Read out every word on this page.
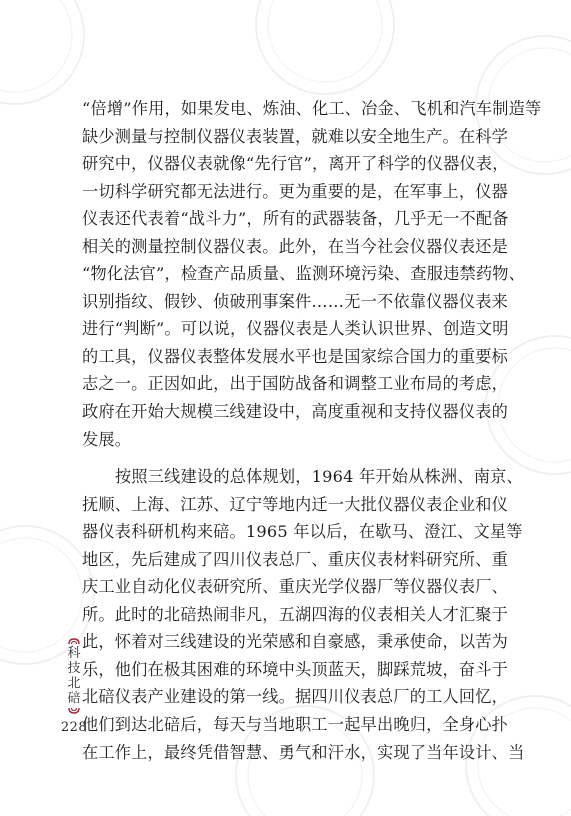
“倍增”作用，如果发电、炼油、化工、冶金、飞机和汽车制造等
缺少测量与控制仪器仪表装置，就难以安全地生产。在科学
研究中，仪器仪表就像“先行官”，离开了科学的仪器仪表，
一切科学研究都无法进行。更为重要的是，在军事上，仪器
仪表还代表着“战斗力”，所有的武器装备，几乎无一不配备
相关的测量控制仪器仪表。此外，在当今社会仪器仪表还是
“物化法官”，检查产品质量、监测环境污染、查服违禁药物、
识别指纹、假钞、侦破刑事案件……无一不依靠仪器仪表来
进行“判断”。可以说，仪器仪表是人类认识世界、创造文明
的工具，仪器仪表整体发展水平也是国家综合国力的重要标
志之一。正因如此，出于国防战备和调整工业布局的考虑，
政府在开始大规模三线建设中，高度重视和支持仪器仪表的
发展。
按照三线建设的总体规划，1964 年开始从株洲、南京、
抚顺、上海、江苏、辽宁等地内迁一大批仪器仪表企业和仪
器仪表科研机构来碚。1965 年以后，在歇马、澄江、文星等
地区，先后建成了四川仪表总厂、重庆仪表材料研究所、重
庆工业自动化仪表研究所、重庆光学仪器厂等仪器仪表厂、
所。此时的北碚热闹非凡，五湖四海的仪表相关人才汇聚于
此，怀着对三线建设的光荣感和自豪感，秉承使命，以苦为
乐，他们在极其困难的环境中头顶蓝天，脚踩荒坡，奋斗于
北碚仪表产业建设的第一线。据四川仪表总厂的工人回忆，
他们到达北碚后，每天与当地职工一起早出晚归，全身心扑
在工作上，最终凭借智慧、勇气和汗水，实现了当年设计、当
科
技
北
碚
228
